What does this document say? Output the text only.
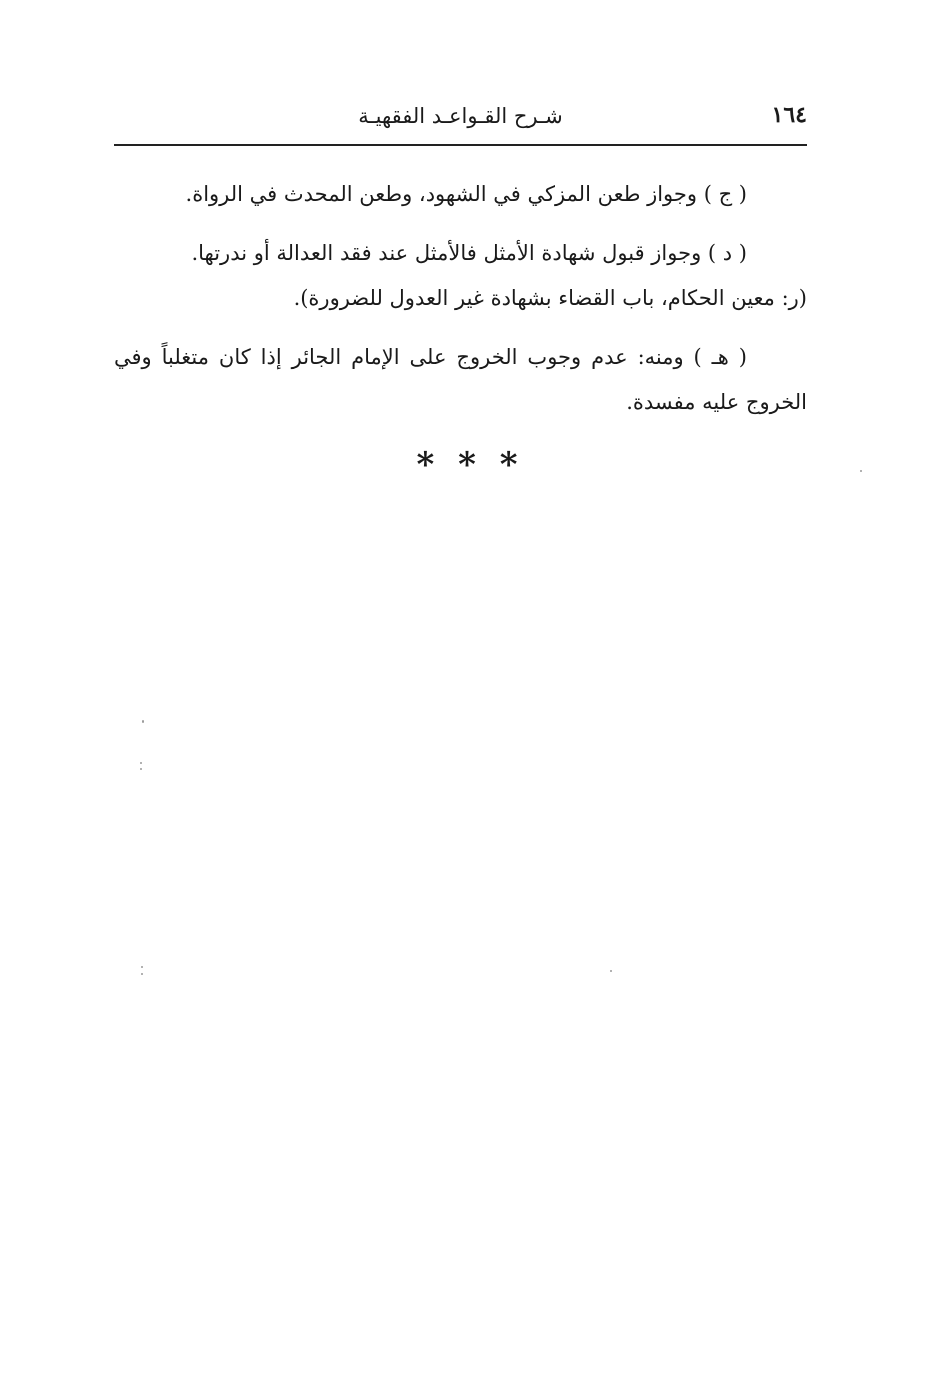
١٦٤
شـرح القـواعـد الفقهيـة

( ج ) وجواز طعن المزكي في الشهود، وطعن المحدث في الرواة.

( د ) وجواز قبول شهادة الأمثل فالأمثل عند فقد العدالة أو ندرتها.
(ر: معين الحكام، باب القضاء بشهادة غير العدول للضرورة).

( هـ ) ومنه: عدم وجوب الخروج على الإمام الجائر إذا كان متغلباً وفي الخروج عليه مفسدة.

* * *
